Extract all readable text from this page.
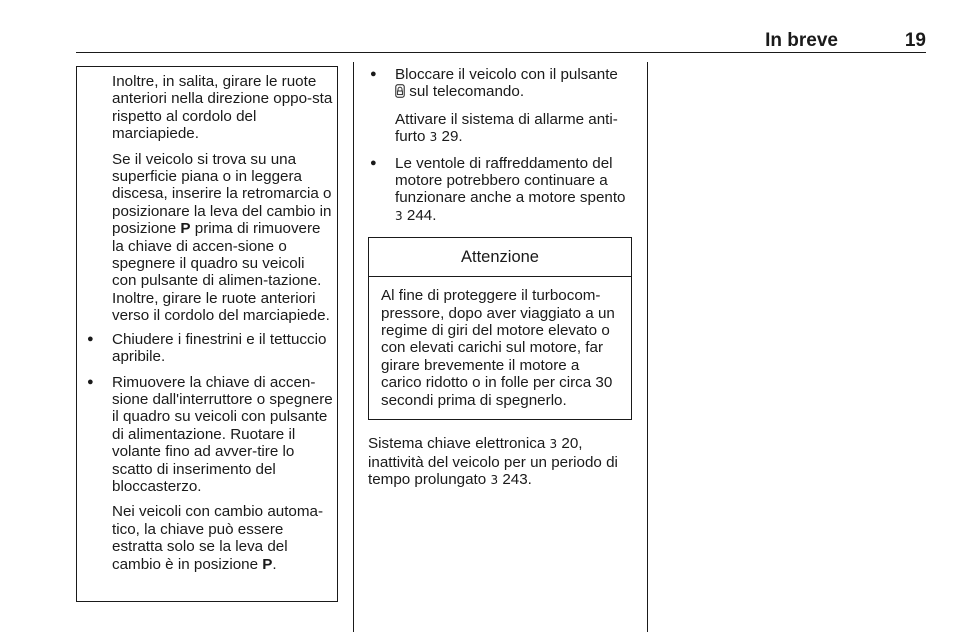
In breve	19

Inoltre, in salita, girare le ruote anteriori nella direzione oppo-sta rispetto al cordolo del marciapiede.

Se il veicolo si trova su una superficie piana o in leggera discesa, inserire la retromarcia o posizionare la leva del cambio in posizione P prima di rimuovere la chiave di accen-sione o spegnere il quadro su veicoli con pulsante di alimen-tazione. Inoltre, girare le ruote anteriori verso il cordolo del marciapiede.

● Chiudere i finestrini e il tettuccio apribile.

● Rimuovere la chiave di accen-sione dall'interruttore o spegnere il quadro su veicoli con pulsante di alimentazione. Ruotare il volante fino ad avver-tire lo scatto di inserimento del bloccasterzo.

Nei veicoli con cambio automa-tico, la chiave può essere estratta solo se la leva del cambio è in posizione P.

● Bloccare il veicolo con il pulsante  sul telecomando.

Attivare il sistema di allarme anti-furto 3 29.

● Le ventole di raffreddamento del motore potrebbero continuare a funzionare anche a motore spento 3 244.

Attenzione

Al fine di proteggere il turbocom-pressore, dopo aver viaggiato a un regime di giri del motore elevato o con elevati carichi sul motore, far girare brevemente il motore a carico ridotto o in folle per circa 30 secondi prima di spegnerlo.

Sistema chiave elettronica 3 20, inattività del veicolo per un periodo di tempo prolungato 3 243.
